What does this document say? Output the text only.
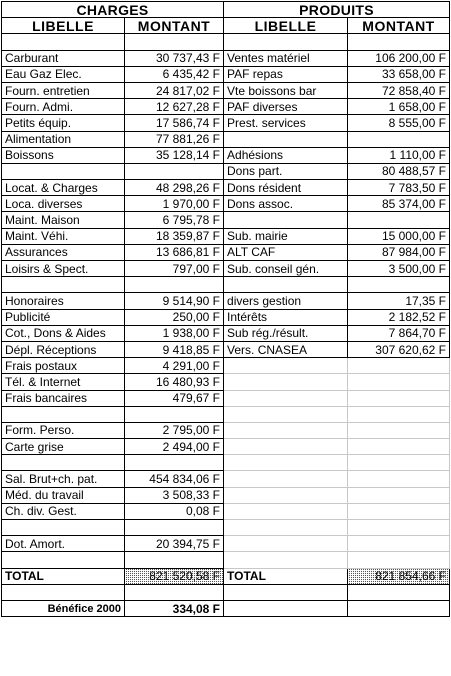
CHARGES		PRODUITS	
LIBELLE	MONTANT	LIBELLE	MONTANT

Carburant	30 737,43 F	Ventes matériel	106 200,00 F
Eau Gaz Elec.	6 435,42 F	PAF repas	33 658,00 F
Fourn. entretien	24 817,02 F	Vte boissons bar	72 858,40 F
Fourn. Admi.	12 627,28 F	PAF diverses	1 658,00 F
Petits équip.	17 586,74 F	Prest. services	8 555,00 F
Alimentation	77 881,26 F		
Boissons	35 128,14 F	Adhésions	1 110,00 F
		Dons part.	80 488,57 F
Locat. & Charges	48 298,26 F	Dons résident	7 783,50 F
Loca. diverses	1 970,00 F	Dons assoc.	85 374,00 F
Maint. Maison	6 795,78 F		
Maint. Véhi.	18 359,87 F	Sub. mairie	15 000,00 F
Assurances	13 686,81 F	ALT CAF	87 984,00 F
Loisirs & Spect.	797,00 F	Sub. conseil gén.	3 500,00 F

Honoraires	9 514,90 F	divers gestion	17,35 F
Publicité	250,00 F	Intérêts	2 182,52 F
Cot., Dons & Aides	1 938,00 F	Sub rég./résult.	7 864,70 F
Dépl. Réceptions	9 418,85 F	Vers. CNASEA	307 620,62 F
Frais postaux	4 291,00 F		
Tél. & Internet	16 480,93 F		
Frais bancaires	479,67 F		

Form. Perso.	2 795,00 F		
Carte grise	2 494,00 F		

Sal. Brut+ch. pat.	454 834,06 F		
Méd. du travail	3 508,33 F		
Ch. div. Gest.	0,08 F		

Dot. Amort.	20 394,75 F		

TOTAL	821 520,58 F	TOTAL	821 854,66 F

Bénéfice 2000	334,08 F		
